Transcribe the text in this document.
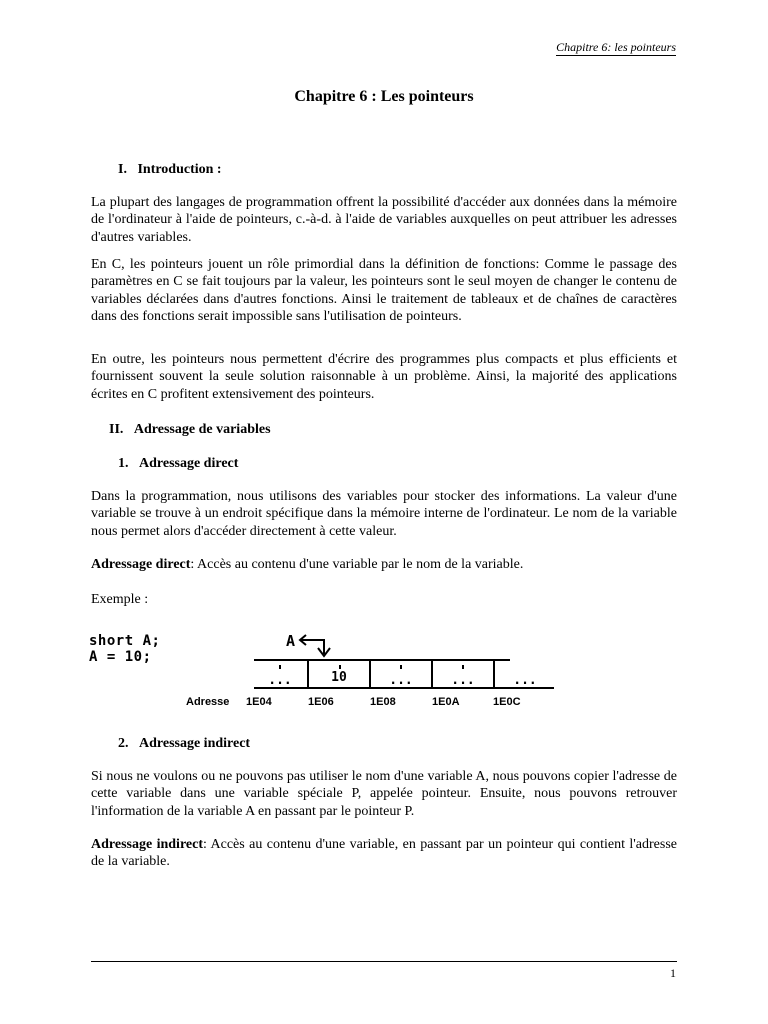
Chapitre 6: les pointeurs
Chapitre 6 : Les pointeurs
I. Introduction :
La plupart des langages de programmation offrent la possibilité d'accéder aux données dans la mémoire de l'ordinateur à l'aide de pointeurs, c.-à-d. à l'aide de variables auxquelles on peut attribuer les adresses d'autres variables.
En C, les pointeurs jouent un rôle primordial dans la définition de fonctions: Comme le passage des paramètres en C se fait toujours par la valeur, les pointeurs sont le seul moyen de changer le contenu de variables déclarées dans d'autres fonctions. Ainsi le traitement de tableaux et de chaînes de caractères dans des fonctions serait impossible sans l'utilisation de pointeurs.
En outre, les pointeurs nous permettent d'écrire des programmes plus compacts et plus efficients et fournissent souvent la seule solution raisonnable à un problème. Ainsi, la majorité des applications écrites en C profitent extensivement des pointeurs.
II. Adressage de variables
1. Adressage direct
Dans la programmation, nous utilisons des variables pour stocker des informations. La valeur d'une variable se trouve à un endroit spécifique dans la mémoire interne de l'ordinateur. Le nom de la variable nous permet alors d'accéder directement à cette valeur.
Adressage direct: Accès au contenu d'une variable par le nom de la variable.
Exemple :
short A;
A = 10;
A
...	10	...	...	...
Adresse 1E04	1E06	1E08	1E0A	1E0C
2. Adressage indirect
Si nous ne voulons ou ne pouvons pas utiliser le nom d'une variable A, nous pouvons copier l'adresse de cette variable dans une variable spéciale P, appelée pointeur. Ensuite, nous pouvons retrouver l'information de la variable A en passant par le pointeur P.
Adressage indirect: Accès au contenu d'une variable, en passant par un pointeur qui contient l'adresse de la variable.
1
